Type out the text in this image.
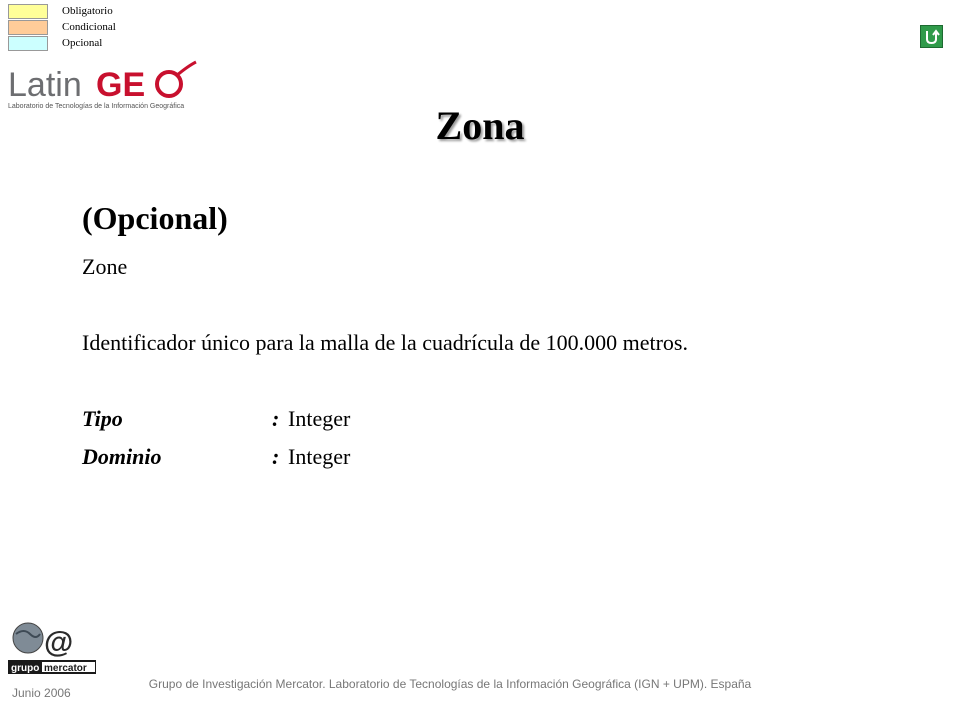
Obligatorio
Condicional
Opcional
Latin GE
Laboratorio de Tecnologías de la Información Geográfica	Zona
(Opcional)
Zone
Identificador único para la malla de la cuadrícula de 100.000 metros.
Tipo	: Integer
Dominio	: Integer
@
grupo mercator
Junio 2006
Grupo de Investigación Mercator. Laboratorio de Tecnologías de la Información Geográfica (IGN + UPM). España
